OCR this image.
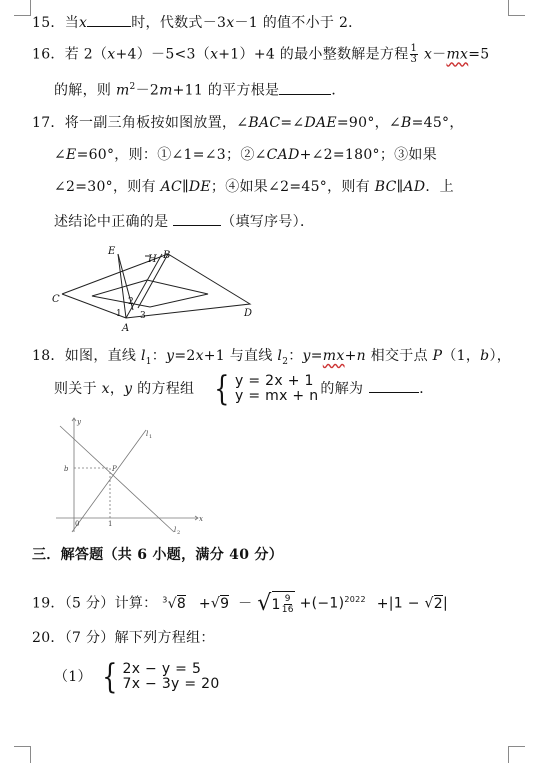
15．当x	时，代数式－3x－1 的值不小于 2．
16．若 2（x+4）－5<3（x+1）+4 的最小整数解是方程 $\frac{1}{3} x-mx=5$
的解，则 $m^2-2m+11$ 的平方根是	．
17．将一副三角板按如图放置，∠BAC=∠DAE=90°，∠B=45°，
∠E=60°，则：①∠1=∠3；②∠CAD+∠2=180°；③如果
∠2=30°，则有 AC∥DE；④如果∠2=45°，则有 BC∥AD．上
述结论中正确的是	（填写序号）．
E
H B
C
D
A
1
2
3
18．如图，直线 $l_1$：y=2x+1 与直线 $l_2$：y=mx+n 相交于点 P（1，b），
则关于 x，y 的方程组 { y = 2x + 1
y = mx + n 的解为	．
y
x
l 1
l 2
b	P
0	1
三．解答题（共 6 小题，满分 40 分）
19．（5 分）计算： $^3$√8 +√9 － √ $1 \frac{9}{16} +(-1)^{2022} +|1 - √2|$
20．（7 分）解下列方程组：
（1） { 2x − y = 5
7x − 3y = 20
